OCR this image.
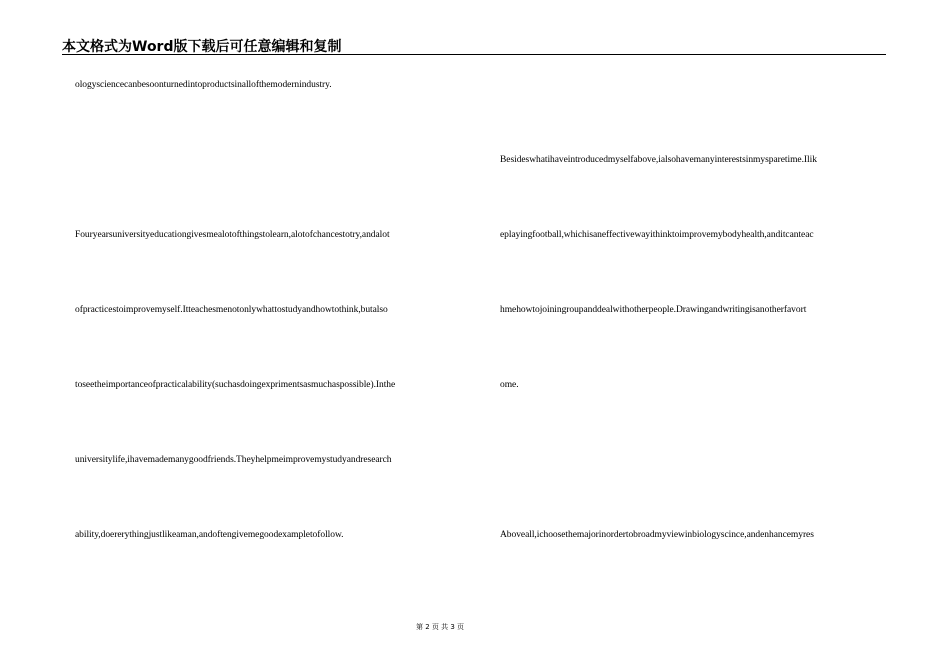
本文格式为Word版下载后可任意编辑和复制
ologysciencecanbesoonturnedintoproductsinallofthemodernindustry.
Fouryearsuniversityeducationgivesmealotofthingstolearn,alotofchancestotry,andalot
ofpracticestoimprovemyself.Itteachesmenotonlywhattostudyandhowtothink,butalso
toseetheimportanceofpracticalability(suchasdoingexprimentsasmuchaspossible).Inthe
universitylife,ihavemademanygoodfriends.Theyhelpmeimprovemystudyandresearch
ability,doererythingjustlikeaman,andoftengivemegoodexampletofollow.
Besideswhatihaveintroducedmyselfabove,ialsohavemanyinterestsinmysparetime.Ilik
eplayingfootball,whichisaneffectivewayithinktoimprovemybodyhealth,anditcanteac
hmehowtojoiningroupanddealwithotherpeople.Drawingandwritingisanotherfavort
ome.
Aboveall,ichoosethemajorinordertobroadmyviewinbiologyscince,andenhancemyres
第 2 页 共 3 页
